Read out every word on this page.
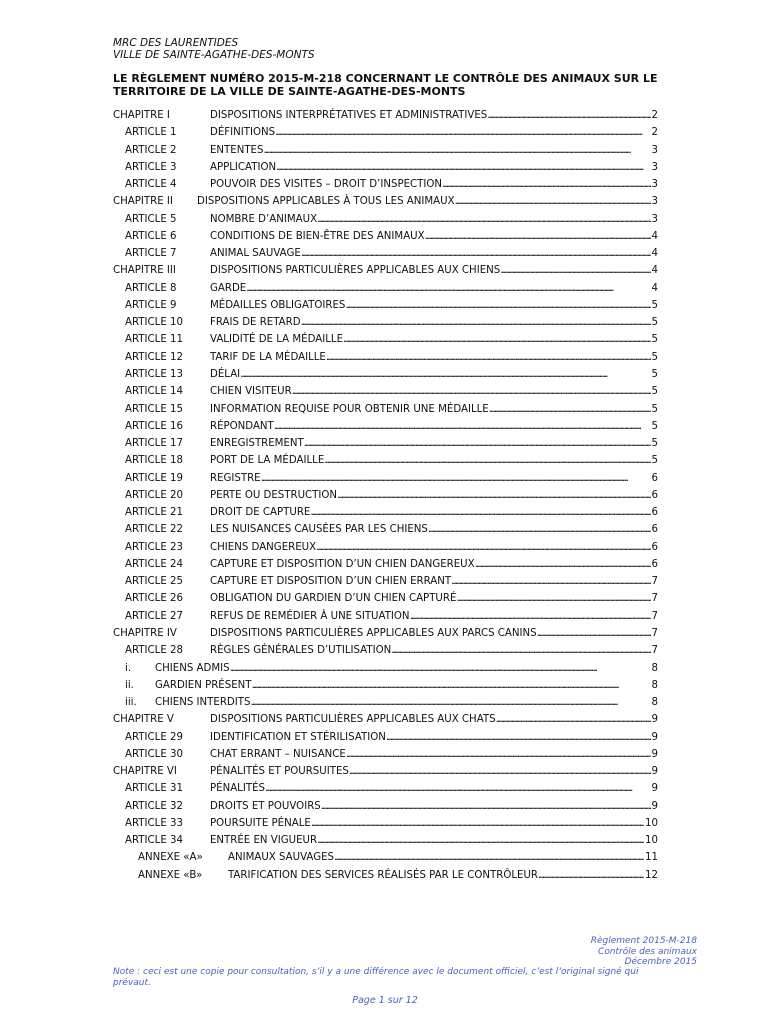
MRC DES LAURENTIDES
VILLE DE SAINTE-AGATHE-DES-MONTS
LE RÈGLEMENT NUMÉRO 2015-M-218 CONCERNANT LE CONTRÔLE DES ANIMAUX SUR LE TERRITOIRE DE LA VILLE DE SAINTE-AGATHE-DES-MONTS
CHAPITRE I	DISPOSITIONS INTERPRÉTATIVES ET ADMINISTRATIVES . . .	2
ARTICLE 1	DÉFINITIONS . . .	2
ARTICLE 2	ENTENTES . . .	3
ARTICLE 3	APPLICATION . . .	3
ARTICLE 4	POUVOIR DES VISITES – DROIT D’INSPECTION . . .	3
CHAPITRE II DISPOSITIONS APPLICABLES À TOUS LES ANIMAUX . . .	3
ARTICLE 5	NOMBRE D’ANIMAUX . . .	3
ARTICLE 6	CONDITIONS DE BIEN-ÊTRE DES ANIMAUX . . .	4
ARTICLE 7	ANIMAL SAUVAGE . . .	4
CHAPITRE III	DISPOSITIONS PARTICULIÈRES APPLICABLES AUX CHIENS . . .	4
ARTICLE 8	GARDE . . .	4
ARTICLE 9	MÉDAILLES OBLIGATOIRES . . .	5
ARTICLE 10	FRAIS DE RETARD . . .	5
ARTICLE 11	VALIDITÉ DE LA MÉDAILLE . . .	5
ARTICLE 12	TARIF DE LA MÉDAILLE . . .	5
ARTICLE 13	DÉLAI . . .	5
ARTICLE 14	CHIEN VISITEUR . . .	5
ARTICLE 15	INFORMATION REQUISE POUR OBTENIR UNE MÉDAILLE . . .	5
ARTICLE 16	RÉPONDANT . . .	5
ARTICLE 17	ENREGISTREMENT . . .	5
ARTICLE 18	PORT DE LA MÉDAILLE . . .	5
ARTICLE 19	REGISTRE . . .	6
ARTICLE 20	PERTE OU DESTRUCTION . . .	6
ARTICLE 21	DROIT DE CAPTURE . . .	6
ARTICLE 22	LES NUISANCES CAUSÉES PAR LES CHIENS . . .	6
ARTICLE 23	CHIENS DANGEREUX . . .	6
ARTICLE 24	CAPTURE ET DISPOSITION D’UN CHIEN DANGEREUX . . .	6
ARTICLE 25	CAPTURE ET DISPOSITION D’UN CHIEN ERRANT . . .	7
ARTICLE 26	OBLIGATION DU GARDIEN D’UN CHIEN CAPTURÉ . . .	7
ARTICLE 27	REFUS DE REMÉDIER À UNE SITUATION . . .	7
CHAPITRE IV	DISPOSITIONS PARTICULIÈRES APPLICABLES AUX PARCS CANINS . . .	7
ARTICLE 28	RÈGLES GÉNÉRALES D’UTILISATION . . .	7
i. CHIENS ADMIS . . .	8
ii. GARDIEN PRÉSENT . . .	8
iii. CHIENS INTERDITS . . .	8
CHAPITRE V	DISPOSITIONS PARTICULIÈRES APPLICABLES AUX CHATS . . .	9
ARTICLE 29	IDENTIFICATION ET STÉRILISATION . . .	9
ARTICLE 30	CHAT ERRANT – NUISANCE . . .	9
CHAPITRE VI	PÉNALITÉS ET POURSUITES . . .	9
ARTICLE 31	PÉNALITÉS . . .	9
ARTICLE 32	DROITS ET POUVOIRS . . .	9
ARTICLE 33	POURSUITE PÉNALE . . .	10
ARTICLE 34	ENTRÉE EN VIGUEUR . . .	10
ANNEXE «A» ANIMAUX SAUVAGES . . .	11
ANNEXE «B»	TARIFICATION DES SERVICES RÉALISÉS PAR LE CONTRÔLEUR . . .	12
Règlement 2015-M-218
Contrôle des animaux
Décembre 2015
Note : ceci est une copie pour consultation, s’il y a une différence avec le document officiel, c’est l’original signé qui prévaut.
Page 1 sur 12
